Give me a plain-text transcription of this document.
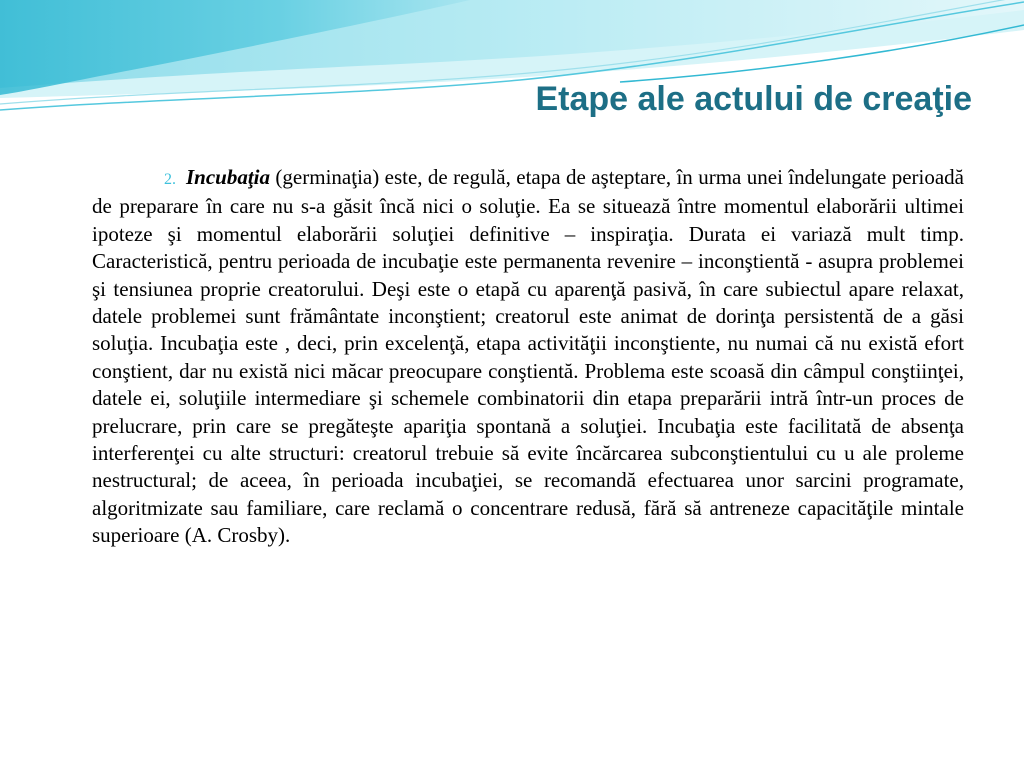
Etape ale actului de creaţie

2. Incubaţia (germinaţia) este, de regulă, etapa de aşteptare, în urma unei îndelungate perioadă de preparare în care nu s-a găsit încă nici o soluţie. Ea se situează între momentul elaborării ultimei ipoteze şi momentul elaborării soluţiei definitive – inspiraţia. Durata ei variază mult timp. Caracteristică, pentru perioada de incubaţie este permanenta revenire – inconştientă - asupra problemei şi tensiunea proprie creatorului. Deşi este o etapă cu aparenţă pasivă, în care subiectul apare relaxat, datele problemei sunt frământate inconştient; creatorul este animat de dorinţa persistentă de a găsi soluţia. Incubaţia este , deci, prin excelenţă, etapa activităţii inconştiente, nu numai că nu există efort conştient, dar nu există nici măcar preocupare conştientă. Problema este scoasă din câmpul conştiinţei, datele ei, soluţiile intermediare şi schemele combinatorii din etapa preparării intră într-un proces de prelucrare, prin care se pregăteşte apariţia spontană a soluţiei. Incubaţia este facilitată de absenţa interferenţei cu alte structuri: creatorul trebuie să evite încărcarea subconştientului cu u ale proleme nestructural; de aceea, în perioada incubaţiei, se recomandă efectuarea unor sarcini programate, algoritmizate sau familiare, care reclamă o concentrare redusă, fără să antreneze capacităţile mintale superioare (A. Crosby).
